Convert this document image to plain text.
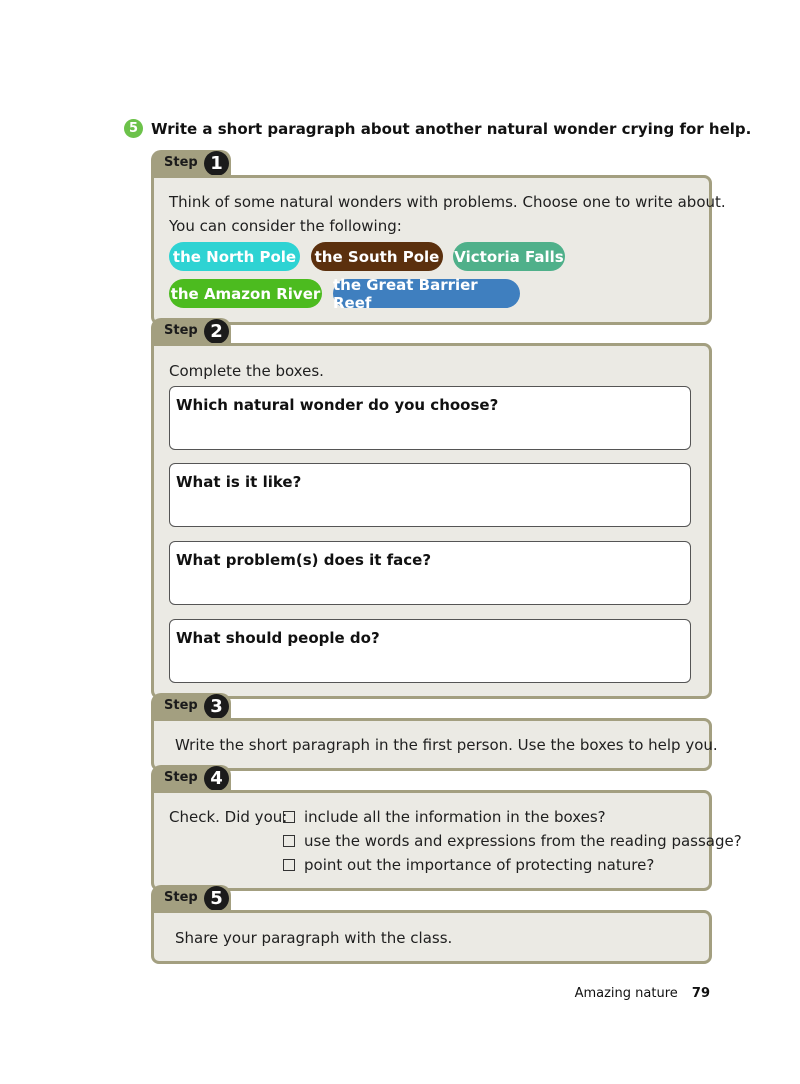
5 Write a short paragraph about another natural wonder crying for help.
Step 1
Think of some natural wonders with problems. Choose one to write about.
You can consider the following:
the North Pole the South Pole Victoria Falls
the Amazon River the Great Barrier Reef
Step 2
Complete the boxes.
Which natural wonder do you choose?
What is it like?
What problem(s) does it face?
What should people do?
Step 3
Write the short paragraph in the first person. Use the boxes to help you.
Step 4
Check. Did you: include all the information in the boxes?
use the words and expressions from the reading passage?
point out the importance of protecting nature?
Step 5
Share your paragraph with the class.
Amazing nature 79
